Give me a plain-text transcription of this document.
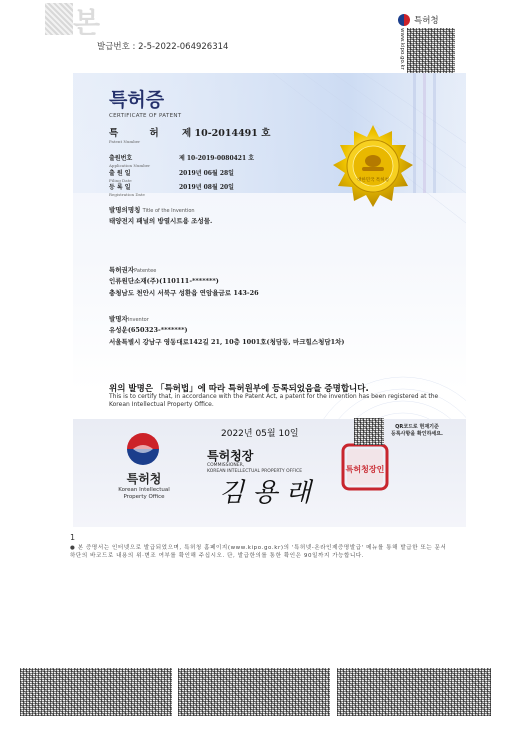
본
발급번호 : 2-5-2022-064926314
특허청
www.kipo.go.kr
특허증
CERTIFICATE OF PATENT
특 허 제 10-2014491 호
Patent Number
출원번호	제 10-2019-0080421 호
Application Number
출 원 일	2019년 06월 28일
Filing Date
등 록 일	2019년 08월 20일
Registration Date
발명의명칭 Title of the Invention
태양전지 패널의 방열시트용 조성물.
특허권자Patentee
인류원단소재(주)(110111-*******)
충청남도 천안시 서북구 성환읍 연암율금로 143-26
발명자Inventor
유성운(650323-*******)
서울특별시 강남구 영동대로142길 21, 10층 1001호(청담동, 마크힐스청담1차)
대한민국 특허청
위의 발명은 「특허법」에 따라 특허원부에 등록되었음을 증명합니다.
This is to certify that, in accordance with the Patent Act, a patent for the invention has been registered at the Korean Intellectual Property Office.
특허청
Korean Intellectual
Property Office
2022년 05월 10일
특허청장
COMMISSIONER,
KOREAN INTELLECTUAL PROPERTY OFFICE
김 용 래
특허청장인
QR코드로 현재기준
등록사항을 확인하세요.
1
● 본 증명서는 인터넷으로 발급되었으며, 특허청 홈페이지(www.kipo.go.kr)의 '특허넷-온라인제증명발급' 메뉴를 통해 발급한 또는 문서하단의 바코드로 내용의 위·변조 여부를 확인해 주십시오. 단, 발급한의를 통한 확인은 90일까지 가능합니다.
